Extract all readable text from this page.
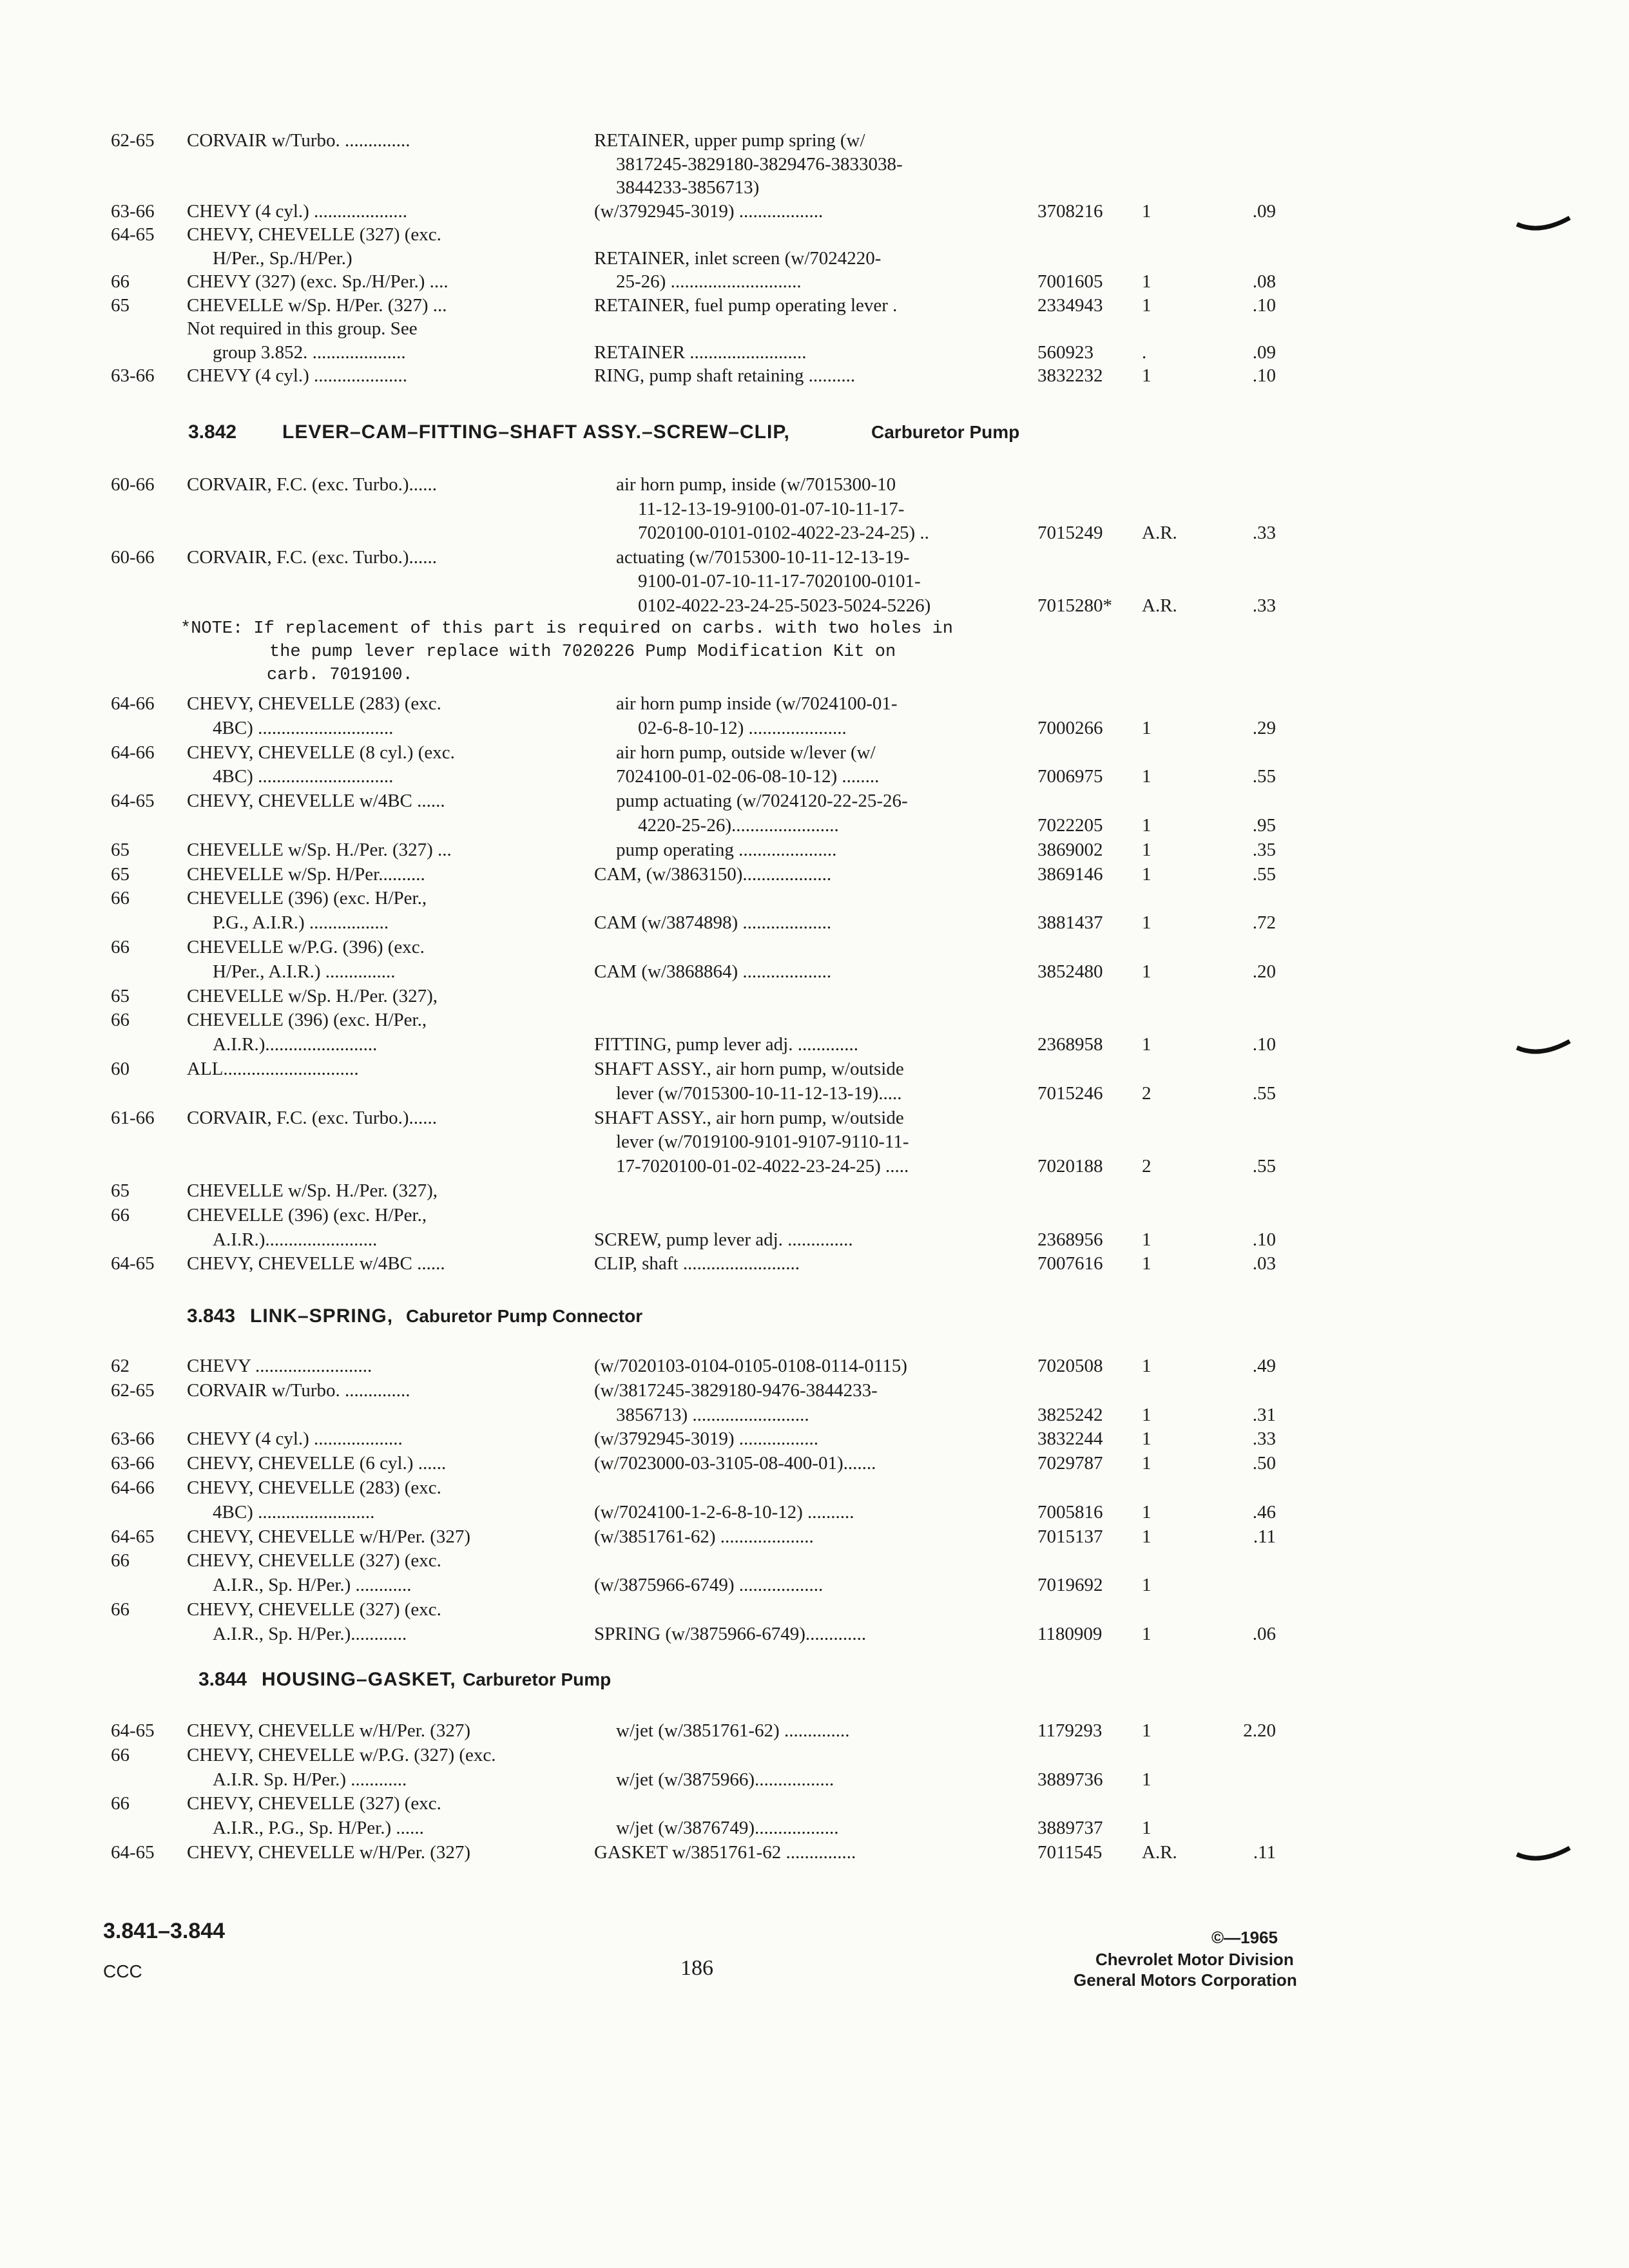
62-65	CORVAIR w/Turbo. ..............	RETAINER, upper pump spring (w/
3817245-3829180-3829476-3833038-
3844233-3856713)
63-66	CHEVY (4 cyl.) ....................	(w/3792945-3019) ..................	3708216	1	.09
64-65	CHEVY, CHEVELLE (327) (exc.
H/Per., Sp./H/Per.)	RETAINER, inlet screen (w/7024220-
66	CHEVY (327) (exc. Sp./H/Per.) ....	25-26) ............................	7001605	1	.08
65	CHEVELLE w/Sp. H/Per. (327) ...	RETAINER, fuel pump operating lever .	2334943	1	.10
Not required in this group. See
group 3.852. ....................	RETAINER .........................	560923	.	.09
63-66	CHEVY (4 cyl.) ....................	RING, pump shaft retaining ..........	3832232	1	.10
3.842 LEVER–CAM–FITTING–SHAFT ASSY.–SCREW–CLIP,	Carburetor Pump
60-66	CORVAIR, F.C. (exc. Turbo.)......	air horn pump, inside (w/7015300-10
11-12-13-19-9100-01-07-10-11-17-
7020100-0101-0102-4022-23-24-25) ..	7015249	A.R.	.33
60-66	CORVAIR, F.C. (exc. Turbo.)......	actuating (w/7015300-10-11-12-13-19-
9100-01-07-10-11-17-7020100-0101-
0102-4022-23-24-25-5023-5024-5226)	7015280*	A.R.	.33
*NOTE: If replacement of this part is required on carbs. with two holes in
the pump lever replace with 7020226 Pump Modification Kit on
carb. 7019100.
64-66	CHEVY, CHEVELLE (283) (exc.	air horn pump inside (w/7024100-01-
4BC) .............................	02-6-8-10-12) .....................	7000266	1	.29
64-66	CHEVY, CHEVELLE (8 cyl.) (exc.	air horn pump, outside w/lever (w/
4BC) .............................	7024100-01-02-06-08-10-12) ........	7006975	1	.55
64-65	CHEVY, CHEVELLE w/4BC ......	pump actuating (w/7024120-22-25-26-
4220-25-26).......................	7022205	1	.95
65	CHEVELLE w/Sp. H./Per. (327) ...	pump operating .....................	3869002	1	.35
65	CHEVELLE w/Sp. H/Per..........	CAM, (w/3863150)...................	3869146	1	.55
66	CHEVELLE (396) (exc. H/Per.,
P.G., A.I.R.) .................	CAM (w/3874898) ...................	3881437	1	.72
66	CHEVELLE w/P.G. (396) (exc.
H/Per., A.I.R.) ...............	CAM (w/3868864) ...................	3852480	1	.20
65	CHEVELLE w/Sp. H./Per. (327),
66	CHEVELLE (396) (exc. H/Per.,
A.I.R.)........................	FITTING, pump lever adj. .............	2368958	1	.10
60	ALL.............................	SHAFT ASSY., air horn pump, w/outside
lever (w/7015300-10-11-12-13-19).....	7015246	2	.55
61-66	CORVAIR, F.C. (exc. Turbo.)......	SHAFT ASSY., air horn pump, w/outside
lever (w/7019100-9101-9107-9110-11-
17-7020100-01-02-4022-23-24-25) .....	7020188	2	.55
65	CHEVELLE w/Sp. H./Per. (327),
66	CHEVELLE (396) (exc. H/Per.,
A.I.R.)........................	SCREW, pump lever adj. ..............	2368956	1	.10
64-65	CHEVY, CHEVELLE w/4BC ......	CLIP, shaft .........................	7007616	1	.03
3.843 LINK–SPRING, Caburetor Pump Connector
62	CHEVY .........................	(w/7020103-0104-0105-0108-0114-0115)	7020508	1	.49
62-65	CORVAIR w/Turbo. ..............	(w/3817245-3829180-9476-3844233-
3856713) .........................	3825242	1	.31
63-66	CHEVY (4 cyl.) ...................	(w/3792945-3019) .................	3832244	1	.33
63-66	CHEVY, CHEVELLE (6 cyl.) ......	(w/7023000-03-3105-08-400-01).......	7029787	1	.50
64-66	CHEVY, CHEVELLE (283) (exc.
4BC) .........................	(w/7024100-1-2-6-8-10-12) ..........	7005816	1	.46
64-65	CHEVY, CHEVELLE w/H/Per. (327)	(w/3851761-62) ....................	7015137	1	.11
66	CHEVY, CHEVELLE (327) (exc.
A.I.R., Sp. H/Per.) ............	(w/3875966-6749) ..................	7019692	1
66	CHEVY, CHEVELLE (327) (exc.
A.I.R., Sp. H/Per.)............	SPRING (w/3875966-6749).............	1180909	1	.06
3.844 HOUSING–GASKET, Carburetor Pump
64-65	CHEVY, CHEVELLE w/H/Per. (327)	w/jet (w/3851761-62) ..............	1179293	1	2.20
66	CHEVY, CHEVELLE w/P.G. (327) (exc.
A.I.R. Sp. H/Per.) ............	w/jet (w/3875966).................	3889736	1
66	CHEVY, CHEVELLE (327) (exc.
A.I.R., P.G., Sp. H/Per.) ......	w/jet (w/3876749)..................	3889737	1
64-65	CHEVY, CHEVELLE w/H/Per. (327)	GASKET w/3851761-62 ...............	7011545	A.R.	.11
3.841–3.844
CCC	186
©—1965
Chevrolet Motor Division
General Motors Corporation
